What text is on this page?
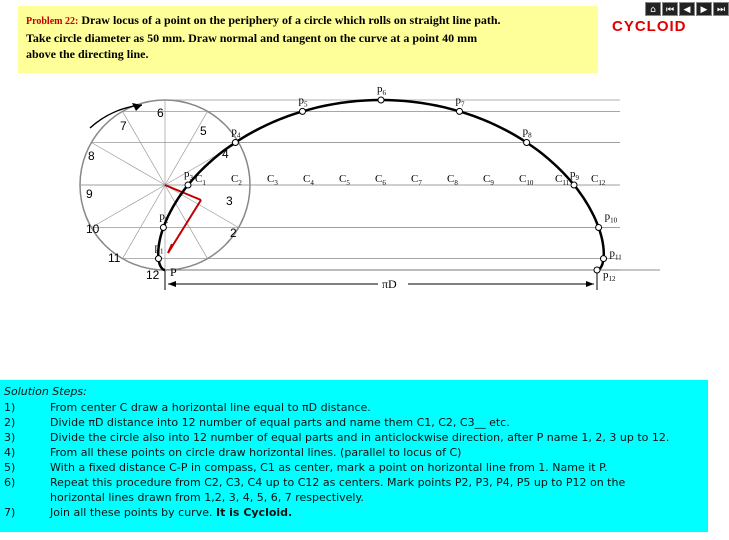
Problem 22: Draw locus of a point on the periphery of a circle which rolls on straight line path.
Take circle diameter as 50 mm. Draw normal and tangent on the curve at a point 40 mm
above the directing line.
⌂	⏮	◀	▶	⏭
CYCLOID
$C_1$ $C_2$ $C_3$ $C_4$ $C_5$ $C_6$ $C_7$ $C_8$ $C_9$ $C_{10}$ $C_{11}$ $C_{12}$
$p_1$
$p_2$
$p_3$
$p_4$
$p_5$
$p_6$
$p_7$
$p_8$
$p_9$
$p_{10}$
$p_{11}$
$p_{12}$
2
3
4
5
6
7
8
9
10
11
12 P
πD
Solution Steps:
1)	From center C draw a horizontal line equal to πD distance.
2)	Divide πD distance into 12 number of equal parts and name them C1, C2, C3__ etc.
3)	Divide the circle also into 12 number of equal parts and in anticlockwise direction, after P name 1, 2, 3 up to 12.
4)	From all these points on circle draw horizontal lines. (parallel to locus of C)
5)	With a fixed distance C-P in compass, C1 as center, mark a point on horizontal line from 1. Name it P.
6)	Repeat this procedure from C2, C3, C4 up to C12 as centers. Mark points P2, P3, P4, P5 up to P12 on the
horizontal lines drawn from 1,2, 3, 4, 5, 6, 7 respectively.
7)	Join all these points by curve. It is Cycloid.
